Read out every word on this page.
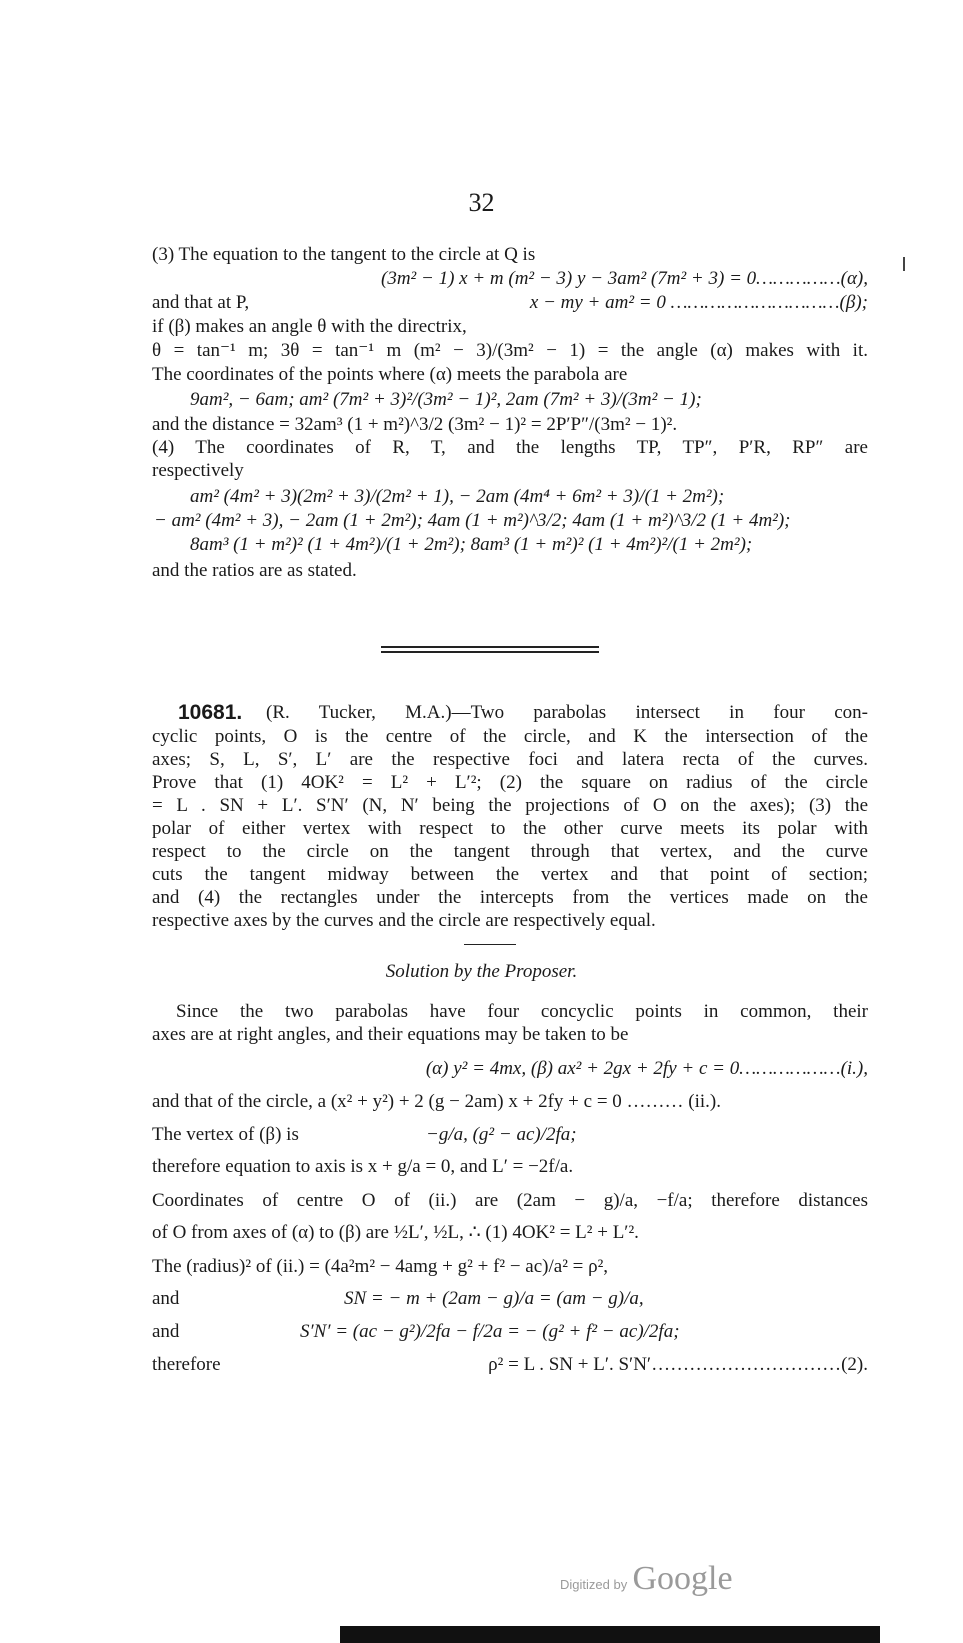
32
(3) The equation to the tangent to the circle at Q is
(3m² − 1) x + m (m² − 3) y − 3am² (7m² + 3) = 0……………(α),
and that at P,	x − my + am² = 0 …………………………(β);
if (β) makes an angle θ with the directrix,
θ = tan⁻¹ m; 3θ = tan⁻¹ m (m² − 3)/(3m² − 1) = the angle (α) makes with it.
The coordinates of the points where (α) meets the parabola are
9am², − 6am; am² (7m² + 3)²/(3m² − 1)², 2am (7m² + 3)/(3m² − 1);
and the distance = 32am³ (1 + m²)^3/2 (3m² − 1)² = 2P′P″/(3m² − 1)².
(4) The coordinates of R, T, and the lengths TP, TP″, P′R, RP″ are
respectively
am² (4m² + 3)(2m² + 3)/(2m² + 1), − 2am (4m⁴ + 6m² + 3)/(1 + 2m²);
− am² (4m² + 3), − 2am (1 + 2m²); 4am (1 + m²)^3/2; 4am (1 + m²)^3/2 (1 + 4m²);
8am³ (1 + m²)² (1 + 4m²)/(1 + 2m²); 8am³ (1 + m²)² (1 + 4m²)²/(1 + 2m²);
and the ratios are as stated.
10681.	(R. Tucker, M.A.)—Two parabolas intersect in four con-
cyclic points, O is the centre of the circle, and K the intersection of the
axes; S, L, S′, L′ are the respective foci and latera recta of the curves.
Prove that (1) 4OK² = L² + L′²; (2) the square on radius of the circle
= L . SN + L′. S′N′ (N, N′ being the projections of O on the axes); (3) the
polar of either vertex with respect to the other curve meets its polar with
respect to the circle on the tangent through that vertex, and the curve
cuts the tangent midway between the vertex and that point of section;
and (4) the rectangles under the intercepts from the vertices made on the
respective axes by the curves and the circle are respectively equal.
Solution by the Proposer.
Since the two parabolas have four concyclic points in common, their
axes are at right angles, and their equations may be taken to be
(α) y² = 4mx, (β) ax² + 2gx + 2fy + c = 0………………(i.),
and that of the circle, a (x² + y²) + 2 (g − 2am) x + 2fy + c = 0 ……… (ii.).
The vertex of (β) is	−g/a, (g² − ac)/2fa;
therefore equation to axis is x + g/a = 0, and L′ = −2f/a.
Coordinates of centre O of (ii.) are (2am − g)/a, −f/a; therefore distances
of O from axes of (α) to (β) are ½L′, ½L, ∴ (1) 4OK² = L² + L′².
The (radius)² of (ii.) = (4a²m² − 4amg + g² + f² − ac)/a² = ρ²,
and	SN = − m + (2am − g)/a = (am − g)/a,
and	S′N′ = (ac − g²)/2fa − f/2a = − (g² + f² − ac)/2fa;
therefore	ρ² = L . SN + L′. S′N′…………………………(2).
Digitized by Google
